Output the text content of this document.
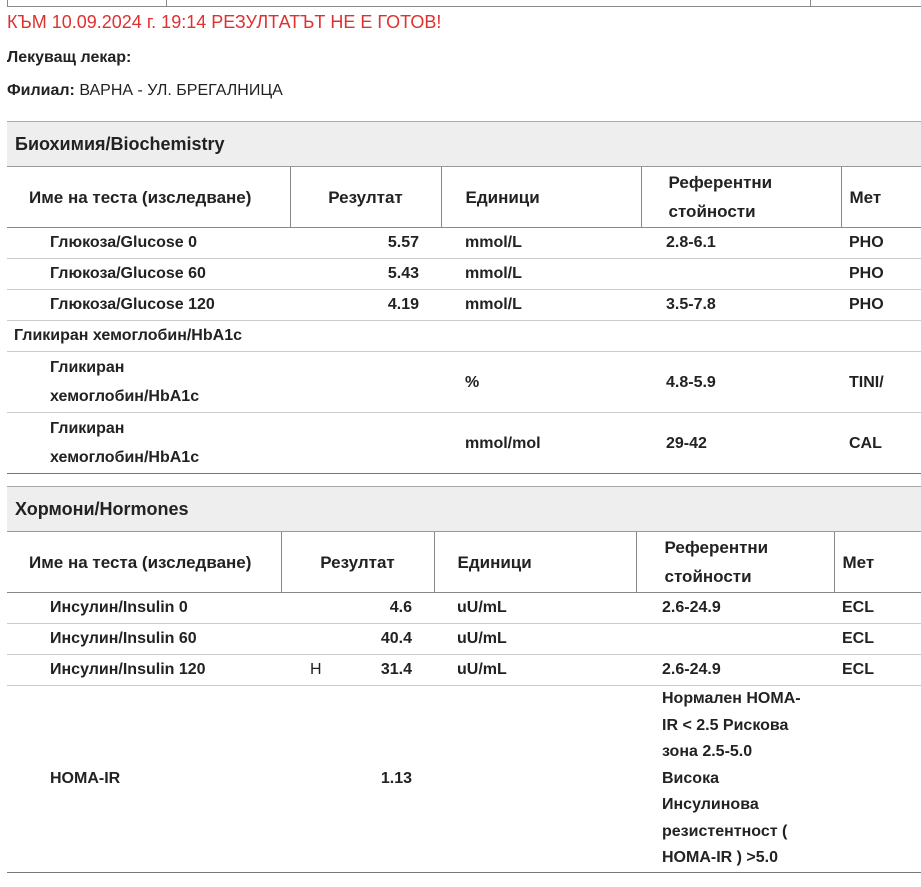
КЪМ 10.09.2024 г. 19:14 РЕЗУЛТАТЪТ НЕ Е ГОТОВ!
Лекуващ лекар:
Филиал: ВАРНА - УЛ. БРЕГАЛНИЦА
Биохимия/Biochemistry
Име на теста (изследване)	Резултат	Единици	Референтни стойности	Мет
Глюкоза/Glucose 0	5.57	mmol/L	2.8-6.1	PHO
Глюкоза/Glucose 60	5.43	mmol/L		PHO
Глюкоза/Glucose 120	4.19	mmol/L	3.5-7.8	PHO
Гликиран хемоглобин/HbA1c				
Гликиран хемоглобин/HbA1c		%	4.8-5.9	TINI/
Гликиран хемоглобин/HbA1c		mmol/mol	29-42	CAL
Хормони/Hormones
Име на теста (изследване)	Резултат	Единици	Референтни стойности	Мет
Инсулин/Insulin 0	4.6	uU/mL	2.6-24.9	ECL
Инсулин/Insulin 60	40.4	uU/mL		ECL
Инсулин/Insulin 120	H 31.4	uU/mL	2.6-24.9	ECL
HOMA-IR	1.13		Нормален HOMA-IR < 2.5 Рискова зона 2.5-5.0 Висока Инсулинова резистентност ( HOMA-IR ) >5.0	
